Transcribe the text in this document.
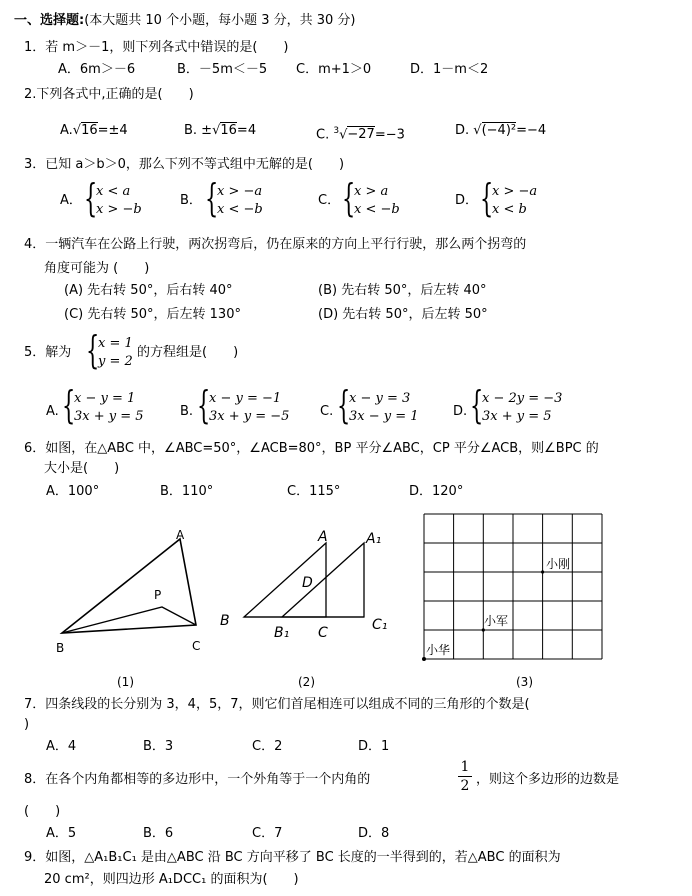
一、选择题:(本大题共 10 个小题，每小题 3 分，共 30 分)
1．若 m＞－1，则下列各式中错误的是(　　)
A．6m＞－6	B．－5m＜－5 C．m+1＞0	D．1－m＜2
2.下列各式中,正确的是(　　)
A.√16=±4	B. ±√16=4	C. $^3$√−27=−3	D. √(−4)²=−4
3．已知 a＞b＞0，那么下列不等式组中无解的是(　　)
A． {
x < a
x > −b
B． {
x > −a
x < −b
C． {
x > a
x < −b
D． {
x > −a
x < b
4．一辆汽车在公路上行驶，两次拐弯后，仍在原来的方向上平行行驶，那么两个拐弯的
角度可能为 (　　)
(A) 先右转 50°，后右转 40°	(B) 先右转 50°，后左转 40°
(C) 先右转 50°，后左转 130°	(D) 先右转 50°，后左转 50°
5．解为 {
x = 1
y = 2
的方程组是(　　)
A. {
x − y = 1
3x + y = 5	B. {
x − y = −1
3x + y = −5 C. {
x − y = 3
3x − y = 1	D. {
x − 2y = −3
3x + y = 5
6．如图，在△ABC 中，∠ABC=50°，∠ACB=80°，BP 平分∠ABC，CP 平分∠ACB，则∠BPC 的
大小是(　　)
A．100°	B．110°	C．115°	D．120°
A
B	C
P
(1)
A	A₁
B
B₁ C	C₁
D
(2)
小刚
小军
小华
(3)
7．四条线段的长分别为 3，4，5，7，则它们首尾相连可以组成不同的三角形的个数是(
)
A．4	B．3	C．2	D．1
8．在各个内角都相等的多边形中，一个外角等于一个内角的
1
2 ，则这个多边形的边数是
(　　)
A．5	B．6	C．7	D．8
9．如图，△A₁B₁C₁ 是由△ABC 沿 BC 方向平移了 BC 长度的一半得到的，若△ABC 的面积为
20 cm²，则四边形 A₁DCC₁ 的面积为(　　)
